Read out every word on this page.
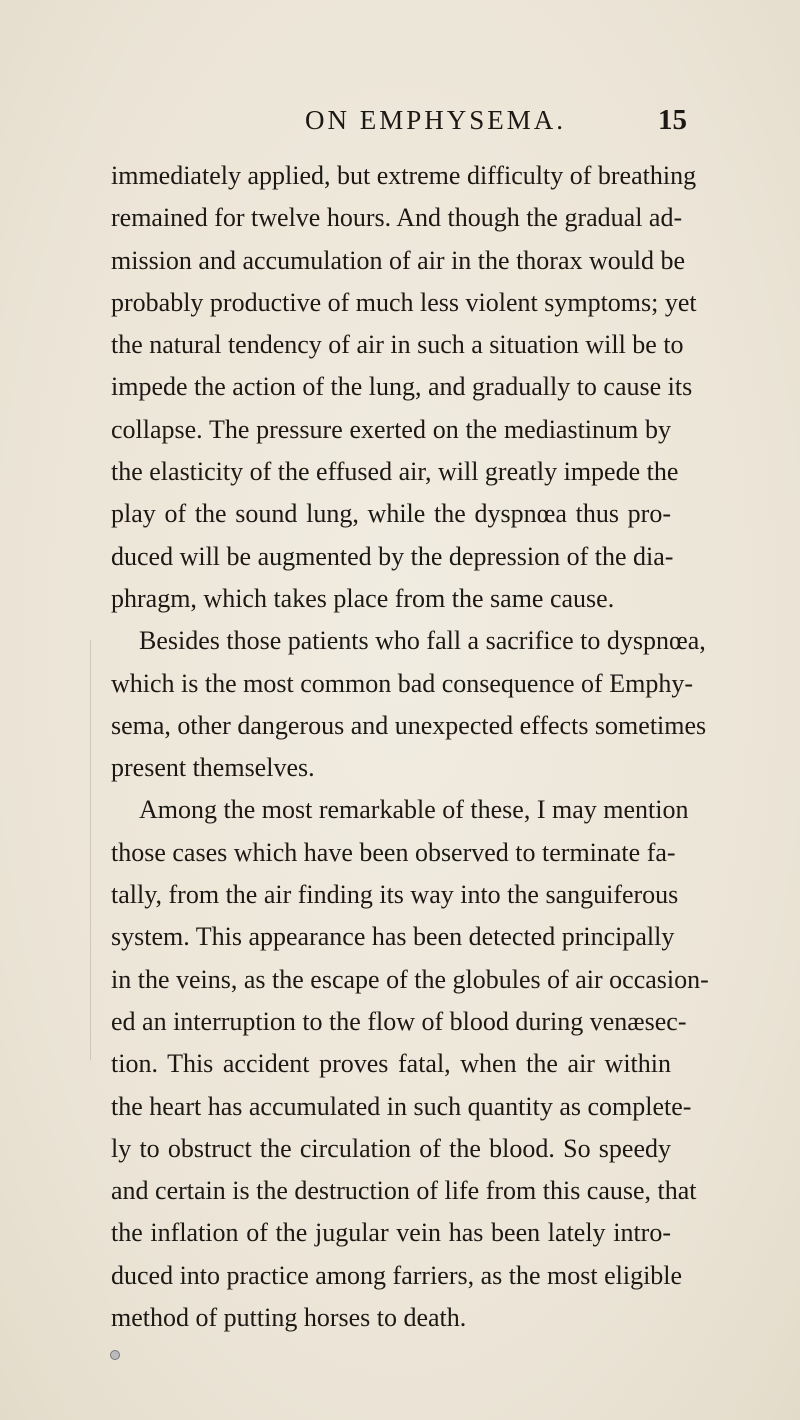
ON EMPHYSEMA.	15
immediately applied, but extreme difficulty of breathing
remained for twelve hours. And though the gradual ad-
mission and accumulation of air in the thorax would be
probably productive of much less violent symptoms; yet
the natural tendency of air in such a situation will be to
impede the action of the lung, and gradually to cause its
collapse. The pressure exerted on the mediastinum by
the elasticity of the effused air, will greatly impede the
play of the sound lung, while the dyspnœa thus pro-
duced will be augmented by the depression of the dia-
phragm, which takes place from the same cause.
Besides those patients who fall a sacrifice to dyspnœa,
which is the most common bad consequence of Emphy-
sema, other dangerous and unexpected effects sometimes
present themselves.
Among the most remarkable of these, I may mention
those cases which have been observed to terminate fa-
tally, from the air finding its way into the sanguiferous
system. This appearance has been detected principally
in the veins, as the escape of the globules of air occasion-
ed an interruption to the flow of blood during venæsec-
tion. This accident proves fatal, when the air within
the heart has accumulated in such quantity as complete-
ly to obstruct the circulation of the blood. So speedy
and certain is the destruction of life from this cause, that
the inflation of the jugular vein has been lately intro-
duced into practice among farriers, as the most eligible
method of putting horses to death.
